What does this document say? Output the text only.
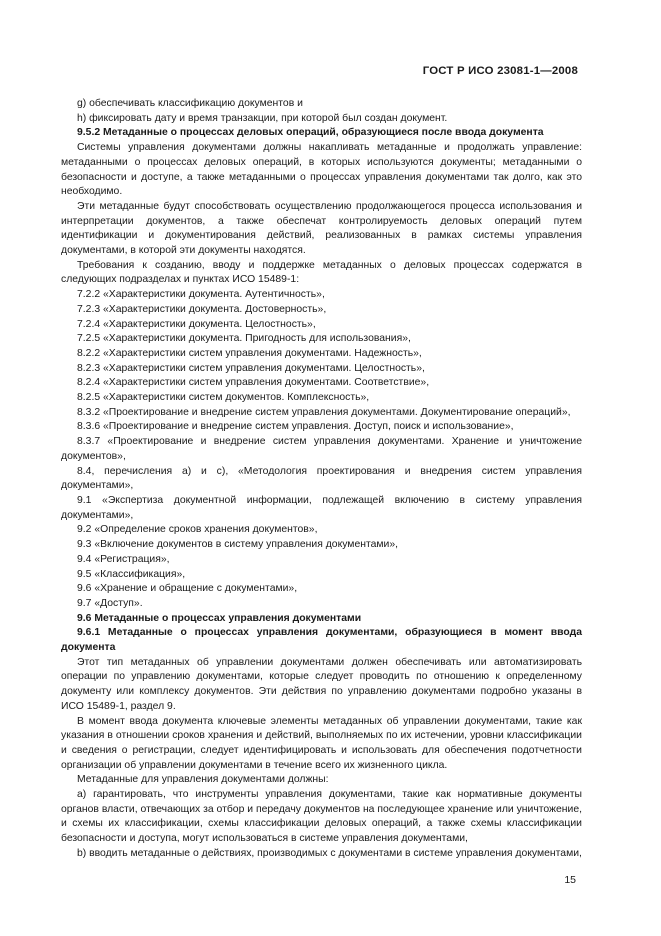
ГОСТ Р ИСО 23081-1—2008

g) обеспечивать классификацию документов и

h) фиксировать дату и время транзакции, при которой был создан документ.

9.5.2 Метаданные о процессах деловых операций, образующиеся после ввода документа

Системы управления документами должны накапливать метаданные и продолжать управление: метаданными о процессах деловых операций, в которых используются документы; метаданными о безопасности и доступе, а также метаданными о процессах управления документами так долго, как это необходимо.

Эти метаданные будут способствовать осуществлению продолжающегося процесса использования и интерпретации документов, а также обеспечат контролируемость деловых операций путем идентификации и документирования действий, реализованных в рамках системы управления документами, в которой эти документы находятся.

Требования к созданию, вводу и поддержке метаданных о деловых процессах содержатся в следующих подразделах и пунктах ИСО 15489-1:

7.2.2 «Характеристики документа. Аутентичность»,

7.2.3 «Характеристики документа. Достоверность»,

7.2.4 «Характеристики документа. Целостность»,

7.2.5 «Характеристики документа. Пригодность для использования»,

8.2.2 «Характеристики систем управления документами. Надежность»,

8.2.3 «Характеристики систем управления документами. Целостность»,

8.2.4 «Характеристики систем управления документами. Соответствие»,

8.2.5 «Характеристики систем документов. Комплексность»,

8.3.2 «Проектирование и внедрение систем управления документами. Документирование операций»,

8.3.6 «Проектирование и внедрение систем управления. Доступ, поиск и использование»,

8.3.7 «Проектирование и внедрение систем управления документами. Хранение и уничтожение документов»,

8.4, перечисления a) и c), «Методология проектирования и внедрения систем управления документами»,

9.1 «Экспертиза документной информации, подлежащей включению в систему управления документами»,

9.2 «Определение сроков хранения документов»,

9.3 «Включение документов в систему управления документами»,

9.4 «Регистрация»,

9.5 «Классификация»,

9.6 «Хранение и обращение с документами»,

9.7 «Доступ».

9.6 Метаданные о процессах управления документами

9.6.1 Метаданные о процессах управления документами, образующиеся в момент ввода документа

Этот тип метаданных об управлении документами должен обеспечивать или автоматизировать операции по управлению документами, которые следует проводить по отношению к определенному документу или комплексу документов. Эти действия по управлению документами подробно указаны в ИСО 15489-1, раздел 9.

В момент ввода документа ключевые элементы метаданных об управлении документами, такие как указания в отношении сроков хранения и действий, выполняемых по их истечении, уровни классификации и сведения о регистрации, следует идентифицировать и использовать для обеспечения подотчетности организации об управлении документами в течение всего их жизненного цикла.

Метаданные для управления документами должны:

a) гарантировать, что инструменты управления документами, такие как нормативные документы органов власти, отвечающих за отбор и передачу документов на последующее хранение или уничтожение, и схемы их классификации, схемы классификации деловых операций, а также схемы классификации безопасности и доступа, могут использоваться в системе управления документами,

b) вводить метаданные о действиях, производимых с документами в системе управления документами,

15
